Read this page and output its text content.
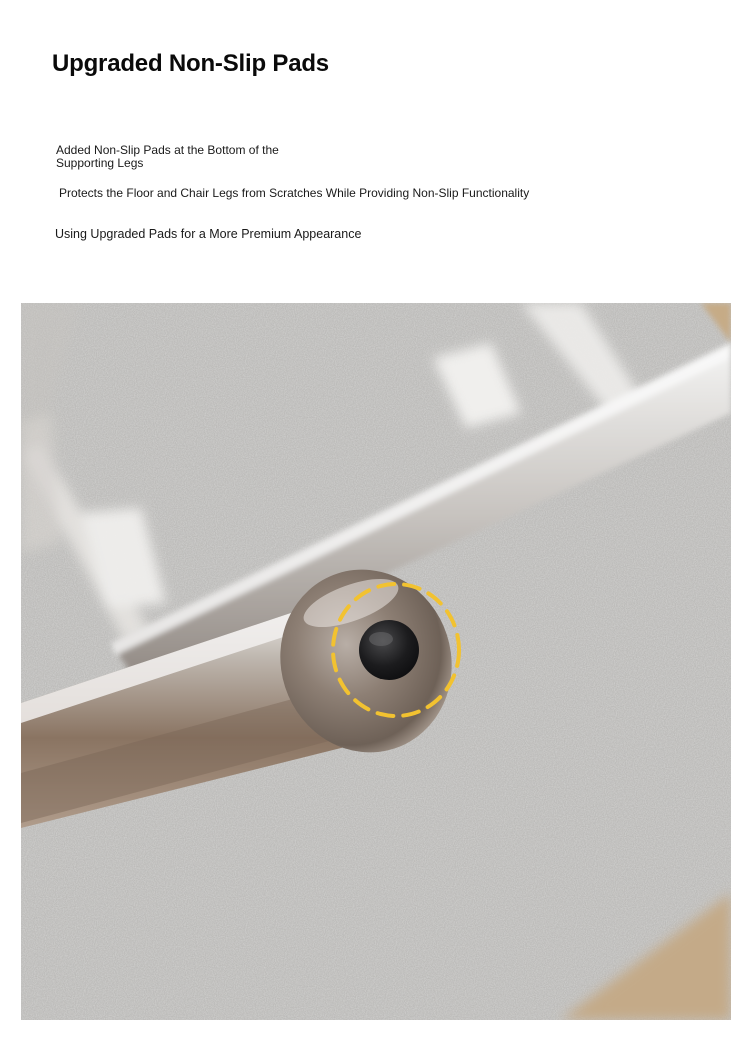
Upgraded Non-Slip Pads
Added Non-Slip Pads at the Bottom of the Supporting Legs
Protects the Floor and Chair Legs from Scratches While Providing Non-Slip Functionality
Using Upgraded Pads for a More Premium Appearance
